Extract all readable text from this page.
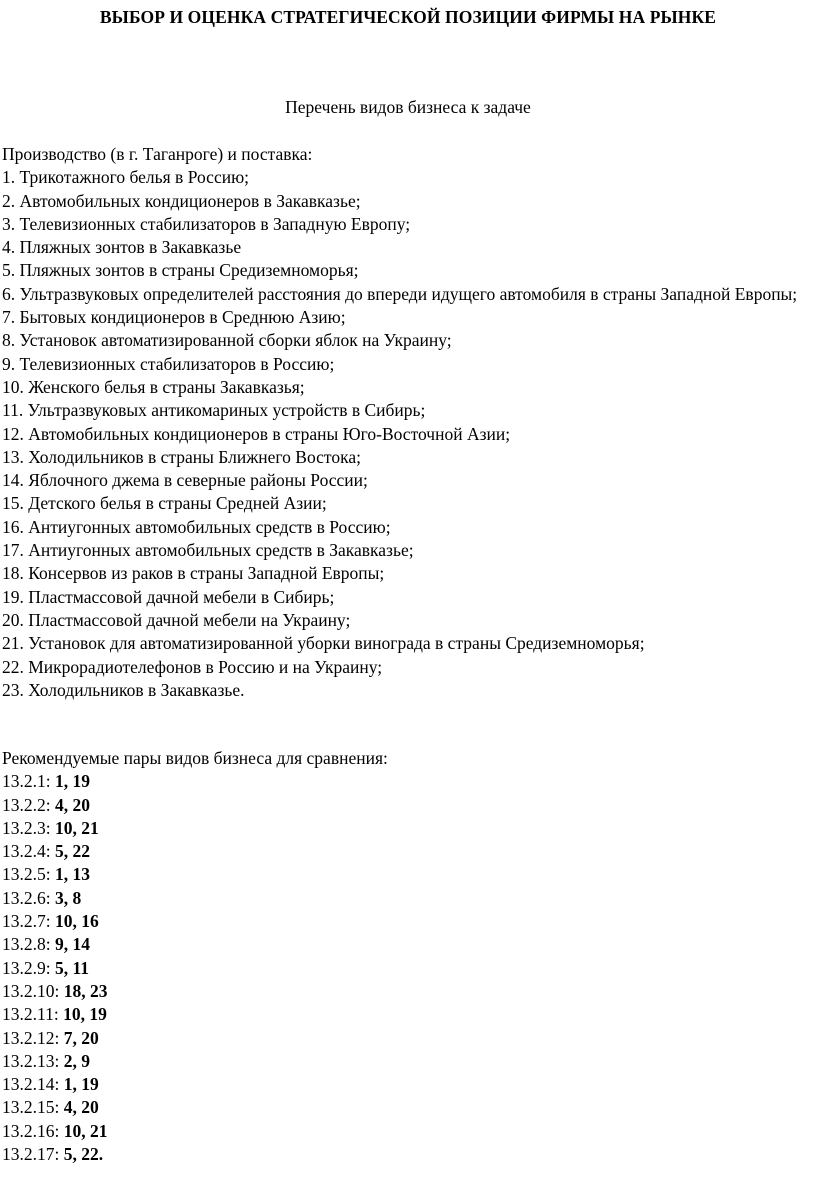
ВЫБОР И ОЦЕНКА СТРАТЕГИЧЕСКОЙ ПОЗИЦИИ ФИРМЫ НА РЫНКЕ
Перечень видов бизнеса к задаче

Производство (в г. Таганроге) и поставка:

1. Трикотажного белья в Россию;

2. Автомобильных кондиционеров в Закавказье;

3. Телевизионных стабилизаторов в Западную Европу;

4. Пляжных зонтов в Закавказье

5. Пляжных зонтов в страны Средиземноморья;

6. Ультразвуковых определителей расстояния до впереди идущего автомобиля в страны Западной Европы;

7. Бытовых кондиционеров в Среднюю Азию;

8. Установок автоматизированной сборки яблок на Украину;

9. Телевизионных стабилизаторов в Россию;

10. Женского белья в страны Закавказья;

11. Ультразвуковых антикомариных устройств в Сибирь;

12. Автомобильных кондиционеров в страны Юго-Восточной Азии;

13. Холодильников в страны Ближнего Востока;

14. Яблочного джема в северные районы России;

15. Детского белья в страны Средней Азии;

16. Антиугонных автомобильных средств в Россию;

17. Антиугонных автомобильных средств в Закавказье;

18. Консервов из раков в страны Западной Европы;

19. Пластмассовой дачной мебели в Сибирь;

20. Пластмассовой дачной мебели на Украину;

21. Установок для автоматизированной уборки винограда в страны Средиземноморья;

22. Микрорадиотелефонов в Россию и на Украину;

23. Холодильников в Закавказье.

Рекомендуемые пары видов бизнеса для сравнения:

13.2.1: 1, 19

13.2.2: 4, 20

13.2.3: 10, 21

13.2.4: 5, 22

13.2.5: 1, 13

13.2.6: 3, 8

13.2.7: 10, 16

13.2.8: 9, 14

13.2.9: 5, 11

13.2.10: 18, 23

13.2.11: 10, 19

13.2.12: 7, 20

13.2.13: 2, 9

13.2.14: 1, 19

13.2.15: 4, 20

13.2.16: 10, 21

13.2.17: 5, 22.
